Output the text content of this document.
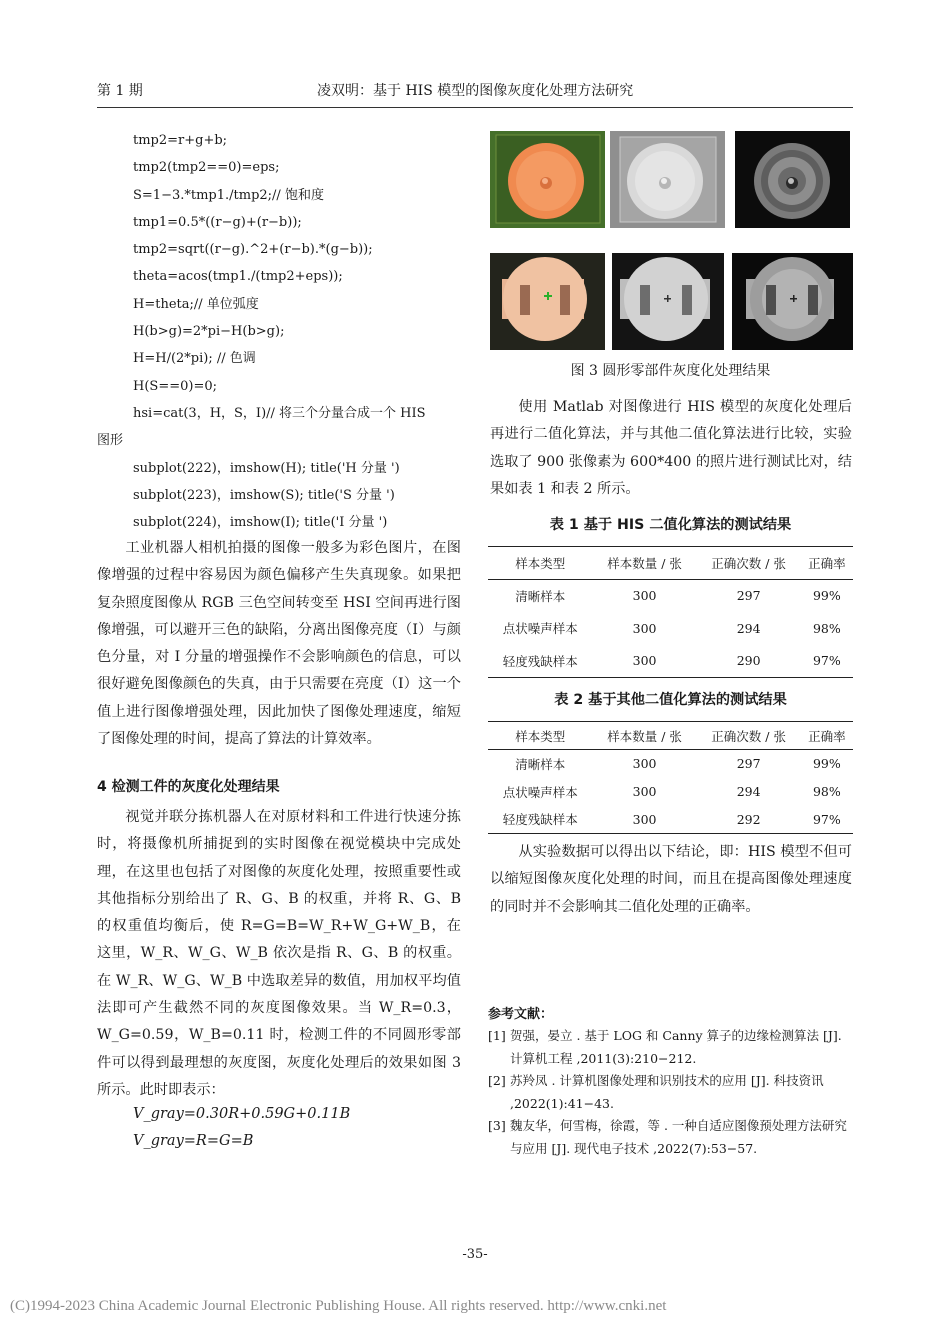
第 1 期	凌双明：基于 HIS 模型的图像灰度化处理方法研究
tmp2=r+g+b;
tmp2(tmp2==0)=eps;
S=1−3.*tmp1./tmp2;// 饱和度
tmp1=0.5*((r−g)+(r−b));
tmp2=sqrt((r−g).^2+(r−b).*(g−b));
theta=acos(tmp1./(tmp2+eps));
H=theta;// 单位弧度
H(b>g)=2*pi−H(b>g);
H=H/(2*pi); // 色调
H(S==0)=0;
hsi=cat(3，H，S，I)// 将三个分量合成一个 HIS
图形
subplot(222)，imshow(H); title('H 分量 ')
subplot(223)，imshow(S); title('S 分量 ')
subplot(224)，imshow(I); title('I 分量 ')

工业机器人相机拍摄的图像一般多为彩色图片，在图像增强的过程中容易因为颜色偏移产生失真现象。如果把复杂照度图像从 RGB 三色空间转变至 HSI 空间再进行图像增强，可以避开三色的缺陷，分离出图像亮度（I）与颜色分量，对 I 分量的增强操作不会影响颜色的信息，可以很好避免图像颜色的失真，由于只需要在亮度（I）这一个值上进行图像增强处理，因此加快了图像处理速度，缩短了图像处理的时间，提高了算法的计算效率。

4 检测工件的灰度化处理结果

视觉并联分拣机器人在对原材料和工件进行快速分拣时，将摄像机所捕捉到的实时图像在视觉模块中完成处理，在这里也包括了对图像的灰度化处理，按照重要性或其他指标分别给出了 R、G、B 的权重，并将 R、G、B 的权重值均衡后，使 R=G=B=W_R+W_G+W_B，在这里，W_R、W_G、W_B 依次是指 R、G、B 的权重。在 W_R、W_G、W_B 中选取差异的数值，用加权平均值法即可产生截然不同的灰度图像效果。当 W_R=0.3，W_G=0.59，W_B=0.11 时，检测工件的不同圆形零部件可以得到最理想的灰度图，灰度化处理后的效果如图 3 所示。此时即表示：

V_gray=0.30R+0.59G+0.11B
V_gray=R=G=B
图 3 圆形零部件灰度化处理结果

使用 Matlab 对图像进行 HIS 模型的灰度化处理后再进行二值化算法，并与其他二值化算法进行比较，实验选取了 900 张像素为 600*400 的照片进行测试比对，结果如表 1 和表 2 所示。

表 1 基于 HIS 二值化算法的测试结果
样本类型	样本数量 / 张	正确次数 / 张	正确率
清晰样本	300	297	99%
点状噪声样本	300	294	98%
轻度残缺样本	300	290	97%
表 2 基于其他二值化算法的测试结果
样本类型	样本数量 / 张	正确次数 / 张	正确率
清晰样本	300	297	99%
点状噪声样本	300	294	98%
轻度残缺样本	300	292	97%

从实验数据可以得出以下结论，即：HIS 模型不但可以缩短图像灰度化处理的时间，而且在提高图像处理速度的同时并不会影响其二值化处理的正确率。

参考文献：
[1] 贺强，晏立 . 基于 LOG 和 Canny 算子的边缘检测算法 [J]. 计算机工程 ,2011(3):210−212.
[2] 苏羚凤 . 计算机图像处理和识别技术的应用 [J]. 科技资讯 ,2022(1):41−43.
[3] 魏友华，何雪梅，徐霞，等 . 一种自适应图像预处理方法研究与应用 [J]. 现代电子技术 ,2022(7):53−57.
-35-
(C)1994-2023 China Academic Journal Electronic Publishing House. All rights reserved. http://www.cnki.net
